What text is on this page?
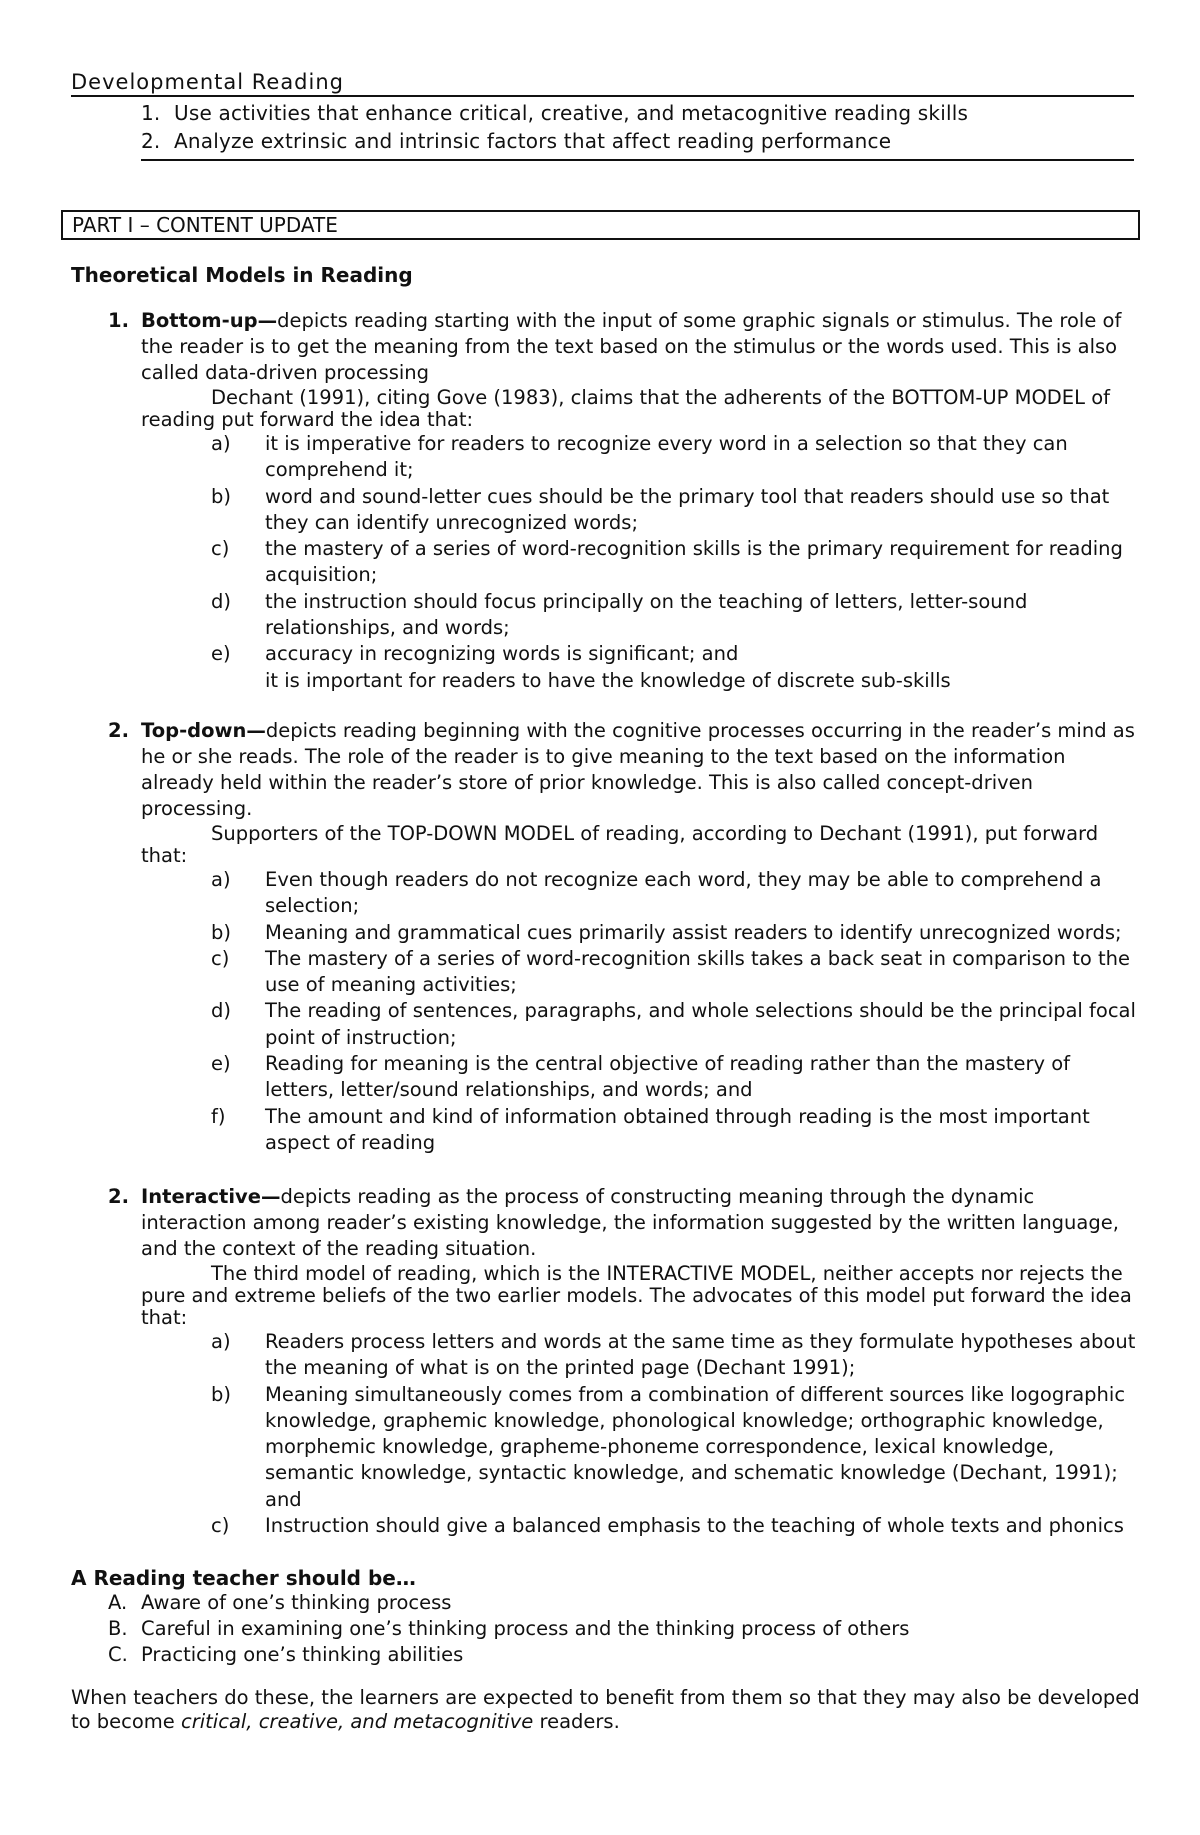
Developmental Reading
1. Use activities that enhance critical, creative, and metacognitive reading skills
2. Analyze extrinsic and intrinsic factors that affect reading performance
PART I – CONTENT UPDATE
Theoretical Models in Reading
1. Bottom-up—depicts reading starting with the input of some graphic signals or stimulus. The role of the reader is to get the meaning from the text based on the stimulus or the words used. This is also called data-driven processing
Dechant (1991), citing Gove (1983), claims that the adherents of the BOTTOM-UP MODEL of reading put forward the idea that:
a) it is imperative for readers to recognize every word in a selection so that they can comprehend it;
b) word and sound-letter cues should be the primary tool that readers should use so that they can identify unrecognized words;
c) the mastery of a series of word-recognition skills is the primary requirement for reading acquisition;
d) the instruction should focus principally on the teaching of letters, letter-sound relationships, and words;
e) accuracy in recognizing words is significant; and
it is important for readers to have the knowledge of discrete sub-skills
2. Top-down—depicts reading beginning with the cognitive processes occurring in the reader’s mind as he or she reads. The role of the reader is to give meaning to the text based on the information already held within the reader’s store of prior knowledge. This is also called concept-driven processing.
Supporters of the TOP-DOWN MODEL of reading, according to Dechant (1991), put forward that:
a) Even though readers do not recognize each word, they may be able to comprehend a selection;
b) Meaning and grammatical cues primarily assist readers to identify unrecognized words;
c) The mastery of a series of word-recognition skills takes a back seat in comparison to the use of meaning activities;
d) The reading of sentences, paragraphs, and whole selections should be the principal focal point of instruction;
e) Reading for meaning is the central objective of reading rather than the mastery of letters, letter/sound relationships, and words; and
f) The amount and kind of information obtained through reading is the most important aspect of reading
2. Interactive—depicts reading as the process of constructing meaning through the dynamic interaction among reader’s existing knowledge, the information suggested by the written language, and the context of the reading situation.
The third model of reading, which is the INTERACTIVE MODEL, neither accepts nor rejects the pure and extreme beliefs of the two earlier models. The advocates of this model put forward the idea that:
a) Readers process letters and words at the same time as they formulate hypotheses about the meaning of what is on the printed page (Dechant 1991);
b) Meaning simultaneously comes from a combination of different sources like logographic knowledge, graphemic knowledge, phonological knowledge; orthographic knowledge, morphemic knowledge, grapheme-phoneme correspondence, lexical knowledge, semantic knowledge, syntactic knowledge, and schematic knowledge (Dechant, 1991); and
c) Instruction should give a balanced emphasis to the teaching of whole texts and phonics
A Reading teacher should be…
A. Aware of one’s thinking process
B. Careful in examining one’s thinking process and the thinking process of others
C. Practicing one’s thinking abilities
When teachers do these, the learners are expected to benefit from them so that they may also be developed to become critical, creative, and metacognitive readers.
